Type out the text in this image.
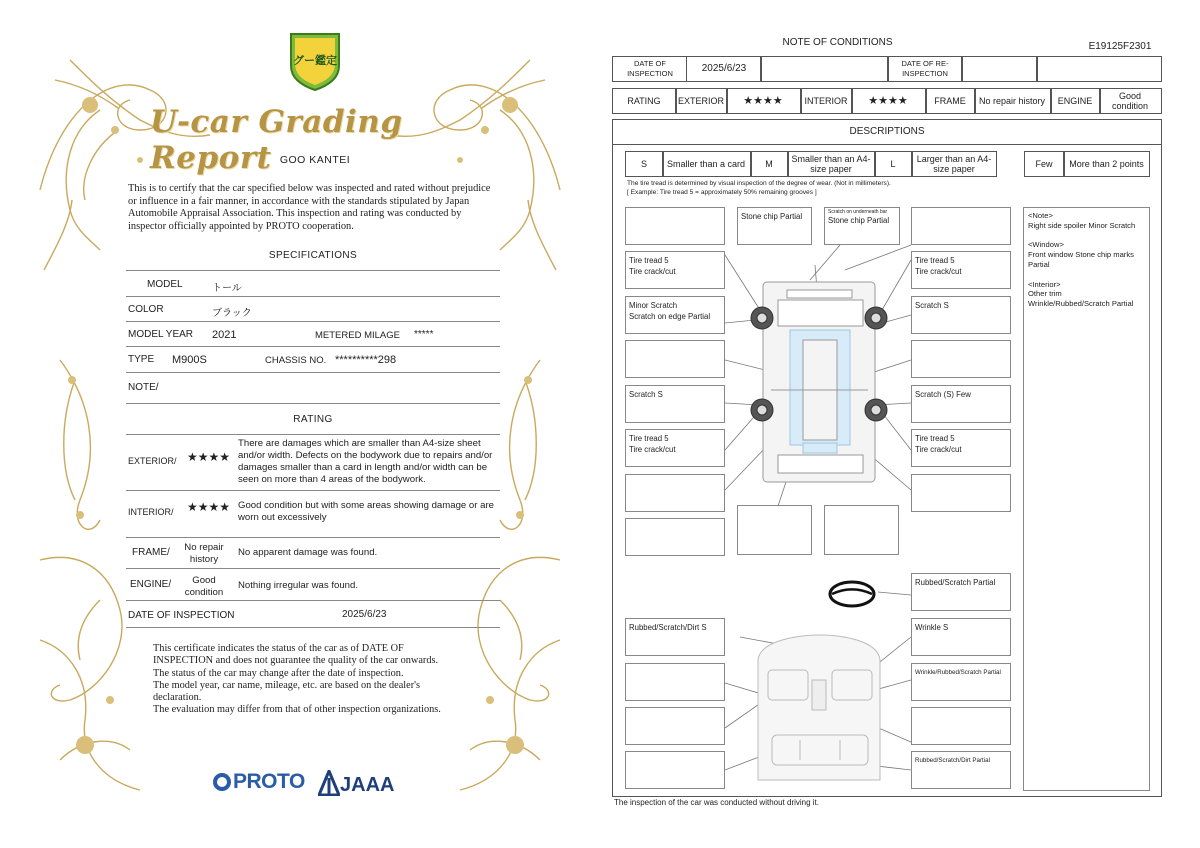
グー鑑定
U-car Grading Report GOO KANTEI
This is to certify that the car specified below was inspected and rated without prejudice or influence in a fair manner, in accordance with the standards stipulated by Japan Automobile Appraisal Association. This inspection and rating was conducted by inspector officially appointed by PROTO cooperation.
SPECIFICATIONS
MODEL	トール
COLOR	ブラック
MODEL YEAR 2021	METERED MILAGE *****
TYPE M900S	CHASSIS NO. **********298
NOTE/
RATING
EXTERIOR/ ★★★★
There are damages which are smaller than A4-size sheet and/or width. Defects on the bodywork due to repairs and/or damages smaller than a card in length and/or width can be seen on more than 4 areas of the bodywork.
INTERIOR/ ★★★★ Good condition but with some areas showing damage or are worn out excessively
FRAME/	No repair history
No apparent damage was found.
ENGINE/	Good condition
Nothing irregular was found.
DATE OF INSPECTION	2025/6/23
This certificate indicates the status of the car as of DATE OF
INSPECTION and does not guarantee the quality of the car onwards.
The status of the car may change after the date of inspection.
The model year, car name, mileage, etc. are based on the dealer's
declaration.
The evaluation may differ from that of other inspection organizations.
PROTO	JAAA
NOTE OF CONDITIONS	E19125F2301
DATE OF INSPECTION	2025/6/23	DATE OF RE-INSPECTION
RATING	EXTERIOR	★★★★	INTERIOR	★★★★	FRAME	No repair history	ENGINE	Good condition
DESCRIPTIONS
S	Smaller than a card	M	Smaller than an A4-size paper	L	Larger than an A4-size paper	Few	More than 2 points
The tire tread is determined by visual inspection of the degree of wear. (Not in millimeters).
[ Example: Tire tread 5 = approximately 50% remaining grooves ]
<Note>
Right side spoiler Minor Scratch
<Window>
Front window Stone chip marks Partial
<Interior>
Other trim
Wrinkle/Rubbed/Scratch Partial
Stone chip Partial	Scratch on underneath bar
Stone chip Partial
Tire tread 5
Tire crack/cut
Tire tread 5
Tire crack/cut
Minor Scratch
Scratch on edge Partial
Scratch S
Scratch S	Scratch (S) Few
Tire tread 5
Tire crack/cut
Tire tread 5
Tire crack/cut
Rubbed/Scratch Partial
Rubbed/Scratch/Dirt S	Wrinkle S
Wrinkle/Rubbed/Scratch Partial
Rubbed/Scratch/Dirt Partial
The inspection of the car was conducted without driving it.
